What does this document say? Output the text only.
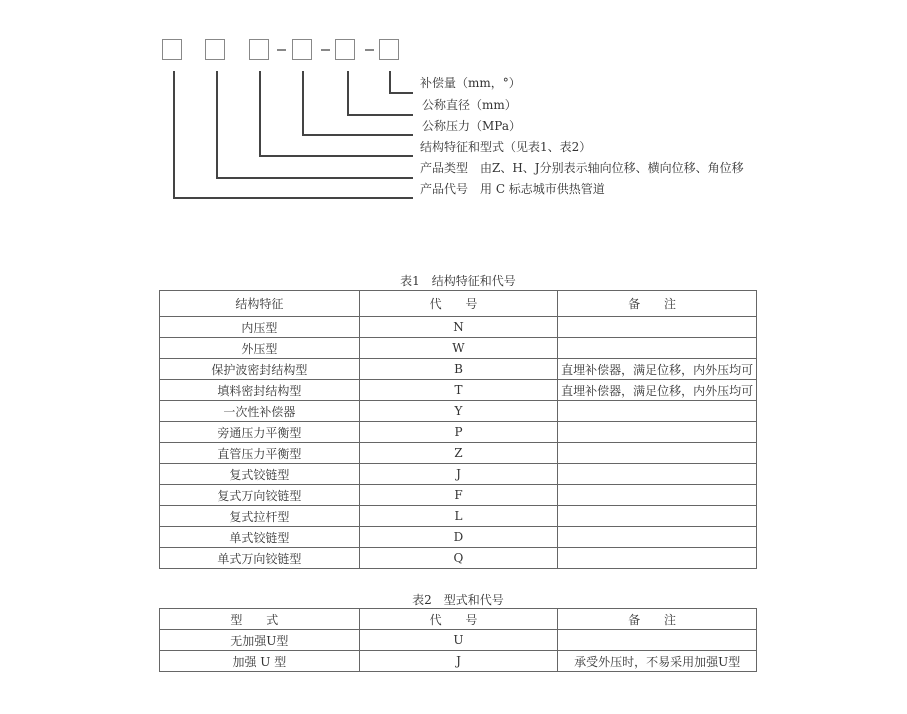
补偿量（mm，°）
公称直径（mm）
公称压力（MPa）
结构特征和型式（见表1、表2）
产品类型　由Z、H、J分别表示轴向位移、横向位移、角位移
产品代号　用 C 标志城市供热管道
表1　结构特征和代号
结构特征	代 号	备 注
内压型	N	
外压型	W	
保护波密封结构型	B	直埋补偿器，满足位移，内外压均可
填料密封结构型	T	直埋补偿器，满足位移，内外压均可
一次性补偿器	Y	
旁通压力平衡型	P	
直管压力平衡型	Z	
复式铰链型	J	
复式万向铰链型	F	
复式拉杆型	L	
单式铰链型	D	
单式万向铰链型	Q	
表2　型式和代号
型 式	代 号	备 注
无加强U型	U	
加强 U 型	J	承受外压时，不易采用加强U型
